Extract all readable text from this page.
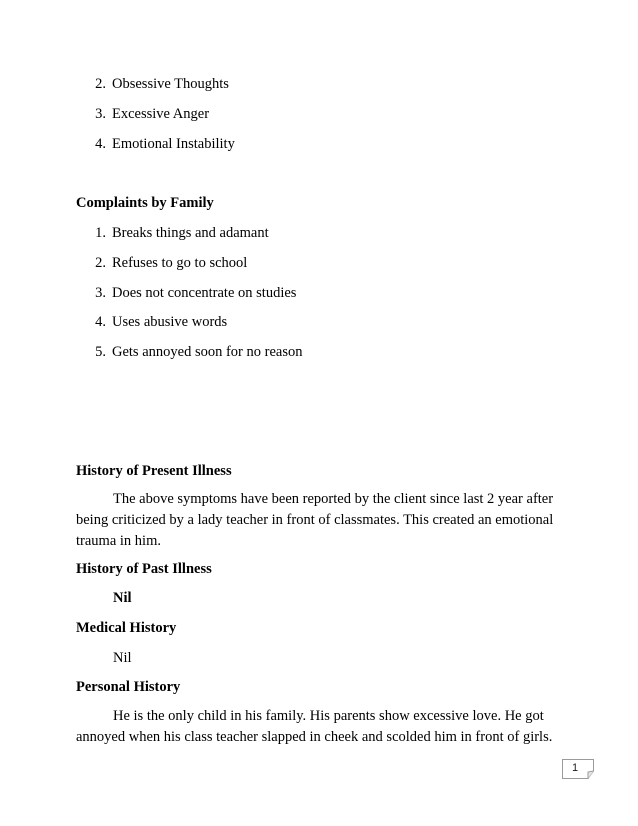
2. Obsessive Thoughts
3. Excessive Anger
4. Emotional Instability
Complaints by Family
1. Breaks things and adamant
2. Refuses to go to school
3. Does not concentrate on studies
4. Uses abusive words
5. Gets annoyed soon for no reason
History of Present Illness
The above symptoms have been reported by the client since last 2 year after being criticized by a lady teacher in front of classmates. This created an emotional trauma in him.
History of Past Illness
Nil
Medical History
Nil
Personal History
He is the only child in his family. His parents show excessive love. He got annoyed when his class teacher slapped in cheek and scolded him in front of girls.
1
